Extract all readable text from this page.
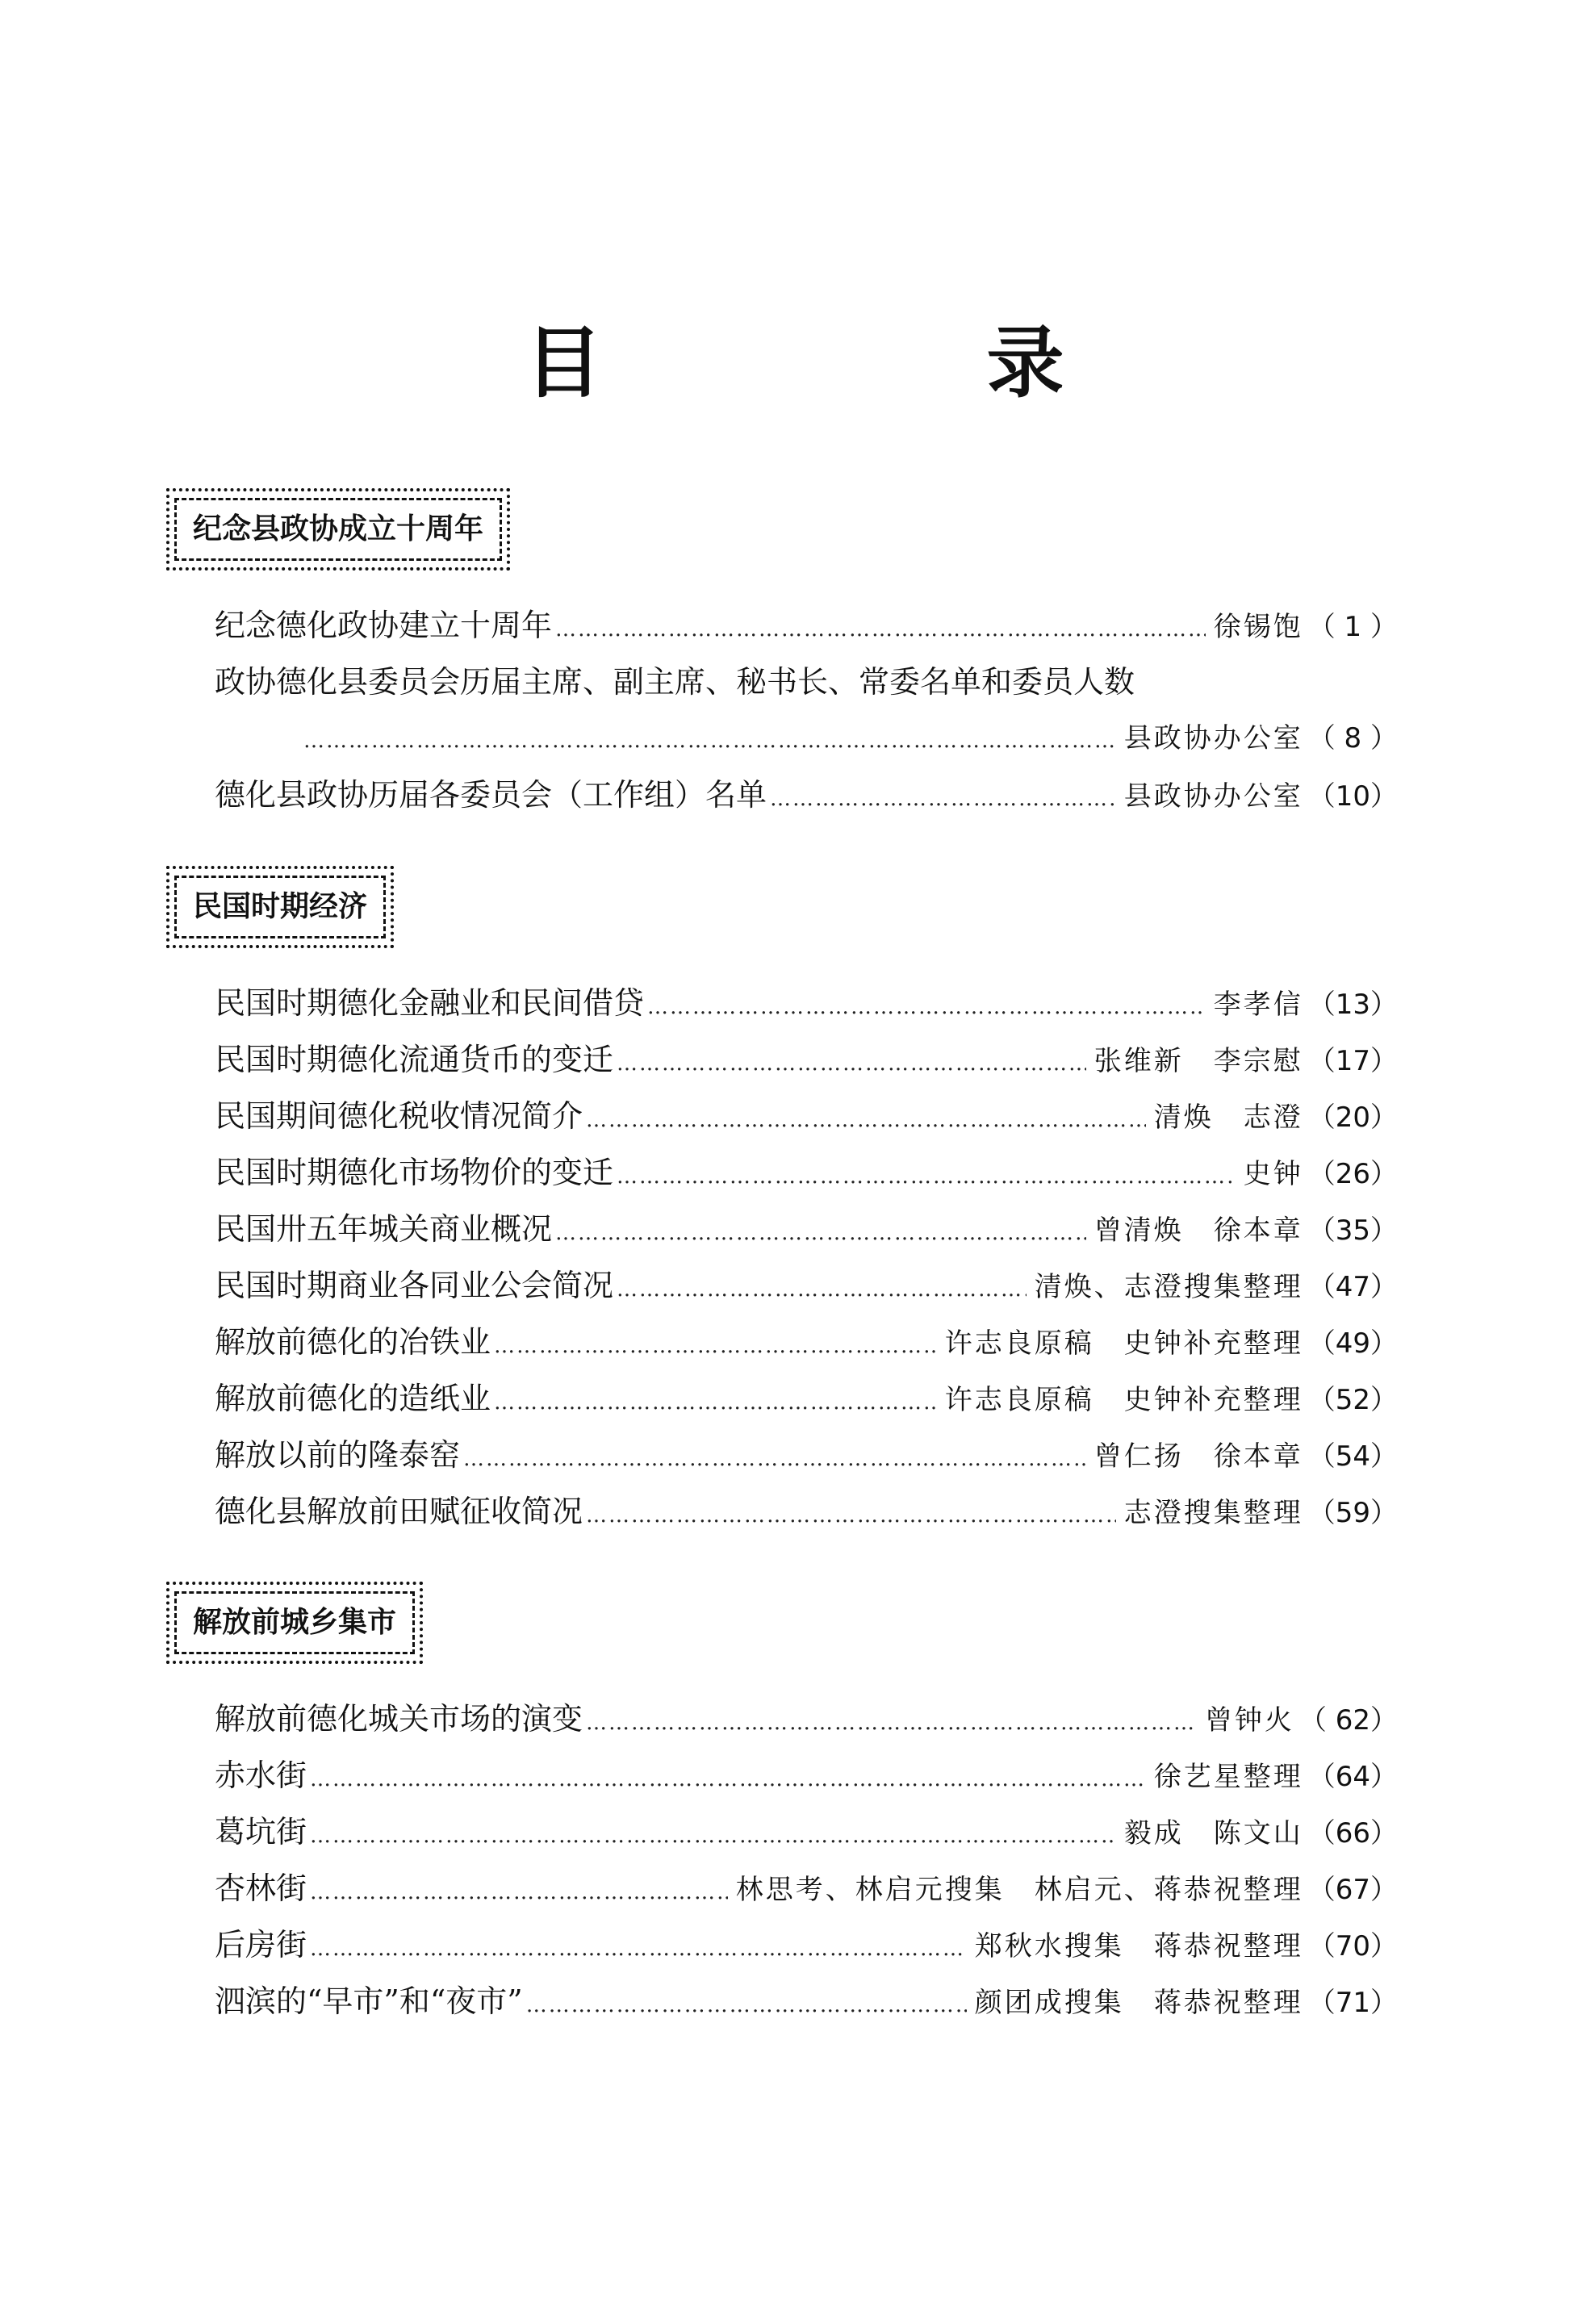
目　录
纪念县政协成立十周年
纪念德化政协建立十周年 …………………………………………………………………………………………………………………………………………………………………………	徐锡饱 （ 1 ）
政协德化县委员会历届主席、副主席、秘书长、常委名单和委员人数
…………………………………………………………………………………………………………………………………………………………………………
县政协办公室 （ 8 ）
德化县政协历届各委员会（工作组）名单 …………………………………………………………………………………………………………………………………………………………………………	县政协办公室 （10）
民国时期经济
民国时期德化金融业和民间借贷 …………………………………………………………………………………………………………………………………………………………………………	李孝信 （13）
民国时期德化流通货币的变迁 …………………………………………………………………………………………………………………………………………………………………………	张维新　李宗慰 （17）
民国期间德化税收情况简介 …………………………………………………………………………………………………………………………………………………………………………	清焕　志澄 （20）
民国时期德化市场物价的变迁 …………………………………………………………………………………………………………………………………………………………………………	史钟 （26）
民国卅五年城关商业概况 …………………………………………………………………………………………………………………………………………………………………………	曾清焕　徐本章 （35）
民国时期商业各同业公会简况 …………………………………………………………………………………………………………………………………………………………………………	清焕、志澄搜集整理 （47）
解放前德化的冶铁业 …………………………………………………………………………………………………………………………………………………………………………	许志良原稿　史钟补充整理 （49）
解放前德化的造纸业 …………………………………………………………………………………………………………………………………………………………………………	许志良原稿　史钟补充整理 （52）
解放以前的隆泰窑 …………………………………………………………………………………………………………………………………………………………………………	曾仁扬　徐本章 （54）
德化县解放前田赋征收简况 …………………………………………………………………………………………………………………………………………………………………………	志澄搜集整理 （59）
解放前城乡集市
解放前德化城关市场的演变 …………………………………………………………………………………………………………………………………………………………………………	曾钟火 （ 62）
赤水街 …………………………………………………………………………………………………………………………………………………………………………	徐艺星整理 （64）
葛坑街 …………………………………………………………………………………………………………………………………………………………………………	毅成　陈文山 （66）
杏林街 …………………………………………………………………………………………………………………………………………………………………………	林思考、林启元搜集　林启元、蒋恭祝整理 （67）
后房街 …………………………………………………………………………………………………………………………………………………………………………	郑秋水搜集　蒋恭祝整理 （70）
泗滨的“早市”和“夜市” …………………………………………………………………………………………………………………………………………………………………………	颜团成搜集　蒋恭祝整理 （71）
